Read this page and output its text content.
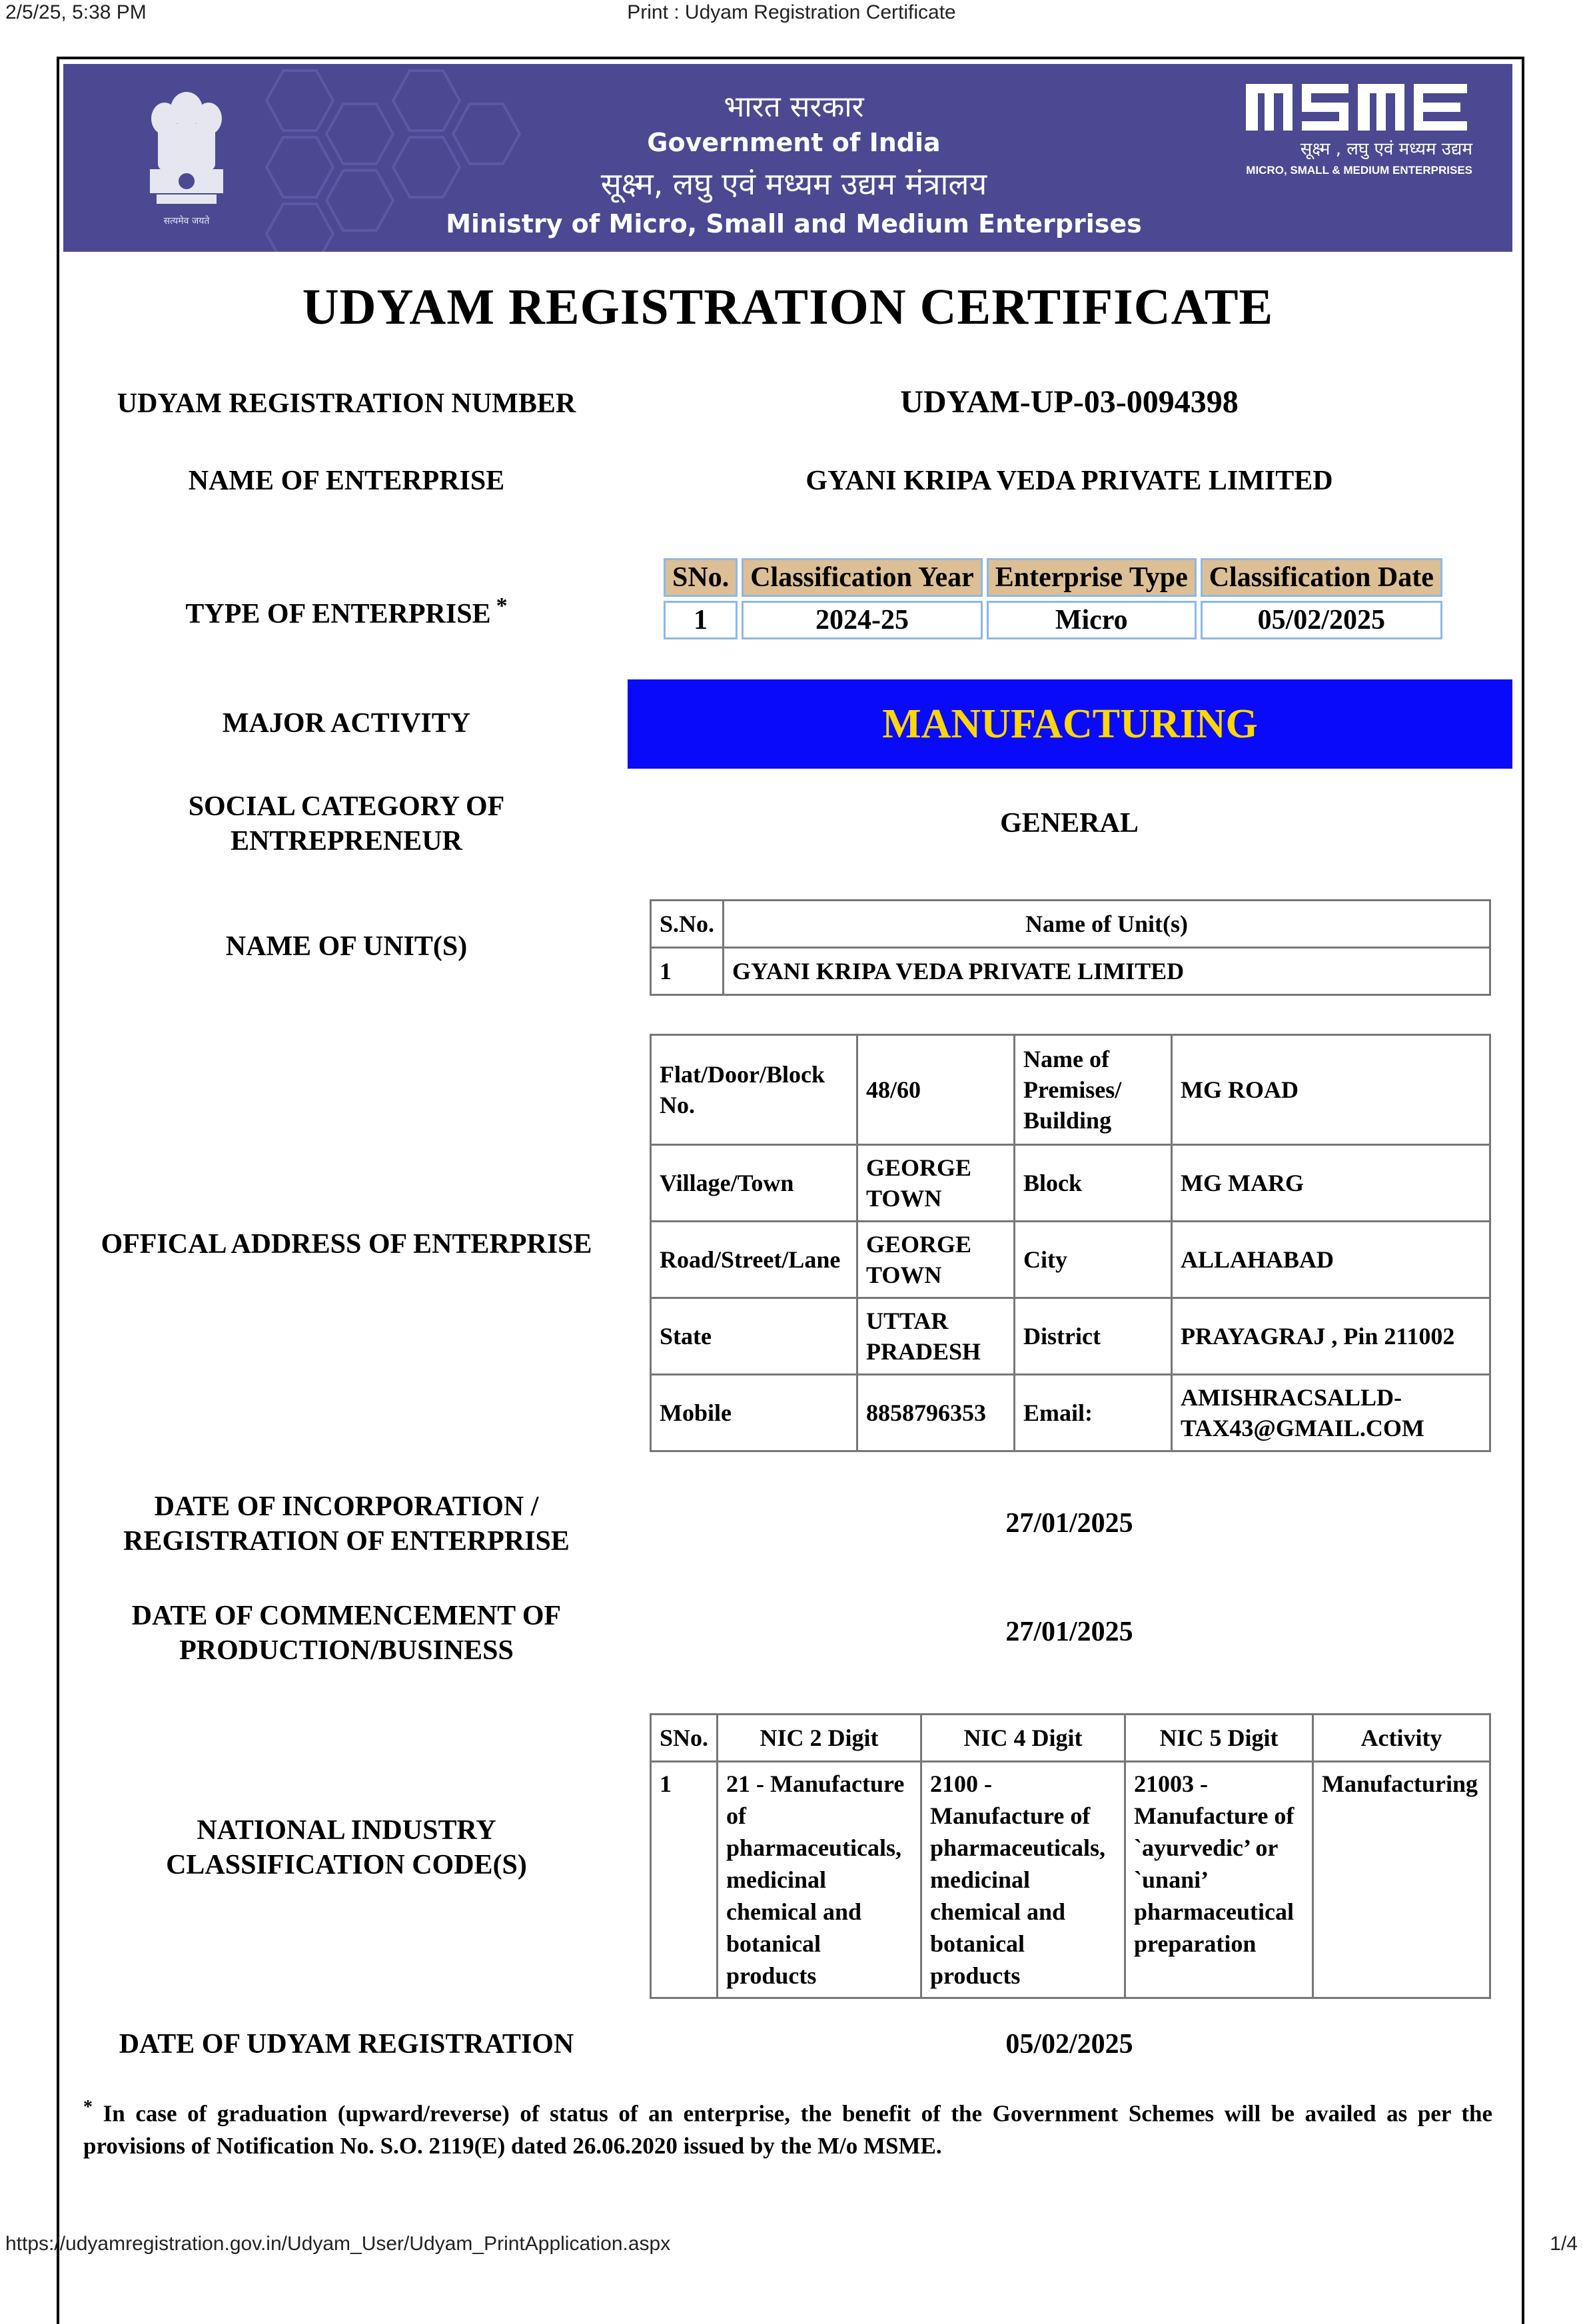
2/5/25, 5:38 PM	Print : Udyam Registration Certificate
सत्यमेव जयते
भारत सरकार
Government of India
सूक्ष्म, लघु एवं मध्यम उद्यम मंत्रालय
Ministry of Micro, Small and Medium Enterprises
सूक्ष्म , लघु एवं मध्यम उद्यम
MICRO, SMALL & MEDIUM ENTERPRISES
UDYAM REGISTRATION CERTIFICATE
UDYAM REGISTRATION NUMBER	UDYAM-UP-03-0094398
NAME OF ENTERPRISE	GYANI KRIPA VEDA PRIVATE LIMITED
TYPE OF ENTERPRISE *
SNo.	Classification Year	Enterprise Type	Classification Date
1	2024-25	Micro	05/02/2025
MAJOR ACTIVITY	MANUFACTURING
SOCIAL CATEGORY OF
ENTREPRENEUR
GENERAL
NAME OF UNIT(S)
S.No.	Name of Unit(s)
1	GYANI KRIPA VEDA PRIVATE LIMITED
OFFICAL ADDRESS OF ENTERPRISE
Flat/Door/Block No.	48/60	Name of Premises/ Building	MG ROAD
Village/Town	GEORGE TOWN	Block	MG MARG
Road/Street/Lane	GEORGE TOWN	City	ALLAHABAD
State	UTTAR PRADESH	District	PRAYAGRAJ , Pin 211002
Mobile	8858796353	Email:	AMISHRACSALLD-TAX43@GMAIL.COM
DATE OF INCORPORATION /
REGISTRATION OF ENTERPRISE
27/01/2025
DATE OF COMMENCEMENT OF
PRODUCTION/BUSINESS
27/01/2025
NATIONAL INDUSTRY
CLASSIFICATION CODE(S)
SNo.	NIC 2 Digit	NIC 4 Digit	NIC 5 Digit	Activity
1	21 - Manufacture of pharmaceuticals, medicinal chemical and botanical products	2100 - Manufacture of pharmaceuticals, medicinal chemical and botanical products	21003 - Manufacture of `ayurvedic’ or `unani’ pharmaceutical preparation	Manufacturing
DATE OF UDYAM REGISTRATION	05/02/2025
* In case of graduation (upward/reverse) of status of an enterprise, the benefit of the Government Schemes will be availed as per the provisions of Notification No. S.O. 2119(E) dated 26.06.2020 issued by the M/o MSME.
https://udyamregistration.gov.in/Udyam_User/Udyam_PrintApplication.aspx	1/4
